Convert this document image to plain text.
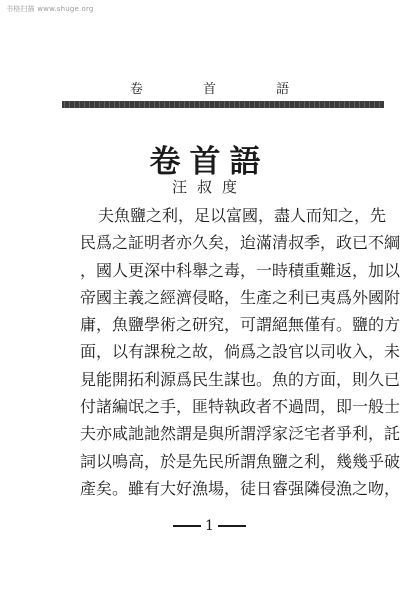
书格扫描 www.shuge.org
卷	首	語
卷首語
汪叔度
夫魚鹽之利，足以富國，盡人而知之，先
民爲之証明者亦久矣，迨滿清叔季，政已不綱
，國人更深中科舉之毒，一時積重難返，加以
帝國主義之經濟侵略，生產之利已夷爲外國附
庸，魚鹽學術之研究，可謂絕無僅有。鹽的方
面，以有課稅之故，倘爲之設官以司收入，未
見能開拓利源爲民生謀也。魚的方面，則久已
付諸編氓之手，匪特執政者不過問，即一般士
夫亦咸訑訑然謂是與所謂浮家泛宅者爭利，託
詞以鳴高，於是先民所謂魚鹽之利，幾幾乎破
產矣。雖有大好漁場，徒日睿强隣侵漁之吻，
1
